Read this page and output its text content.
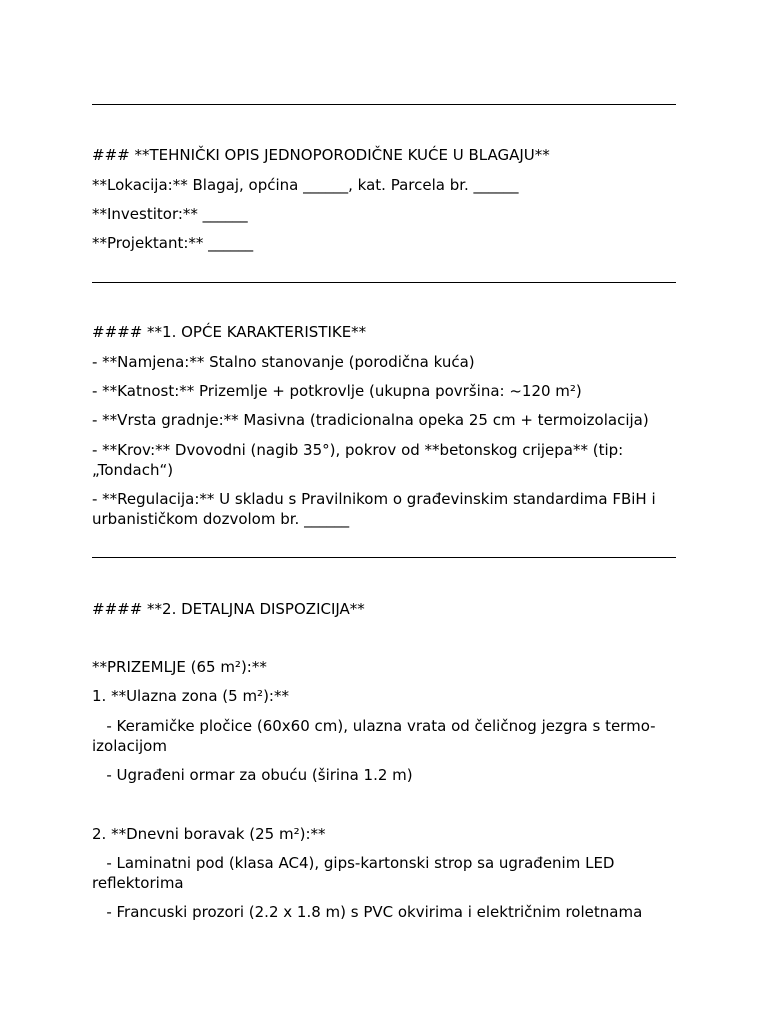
### **TEHNIČKI OPIS JEDNOPORODIČNE KUĆE U BLAGAJU**
**Lokacija:** Blagaj, općina ______, kat. Parcela br. ______
**Investitor:** ______
**Projektant:** ______
#### **1. OPĆE KARAKTERISTIKE**
- **Namjena:** Stalno stanovanje (porodična kuća)
- **Katnost:** Prizemlje + potkrovlje (ukupna površina: ~120 m²)
- **Vrsta gradnje:** Masivna (tradicionalna opeka 25 cm + termoizolacija)
- **Krov:** Dvovodni (nagib 35°), pokrov od **betonskog crijepa** (tip: „Tondach“)
- **Regulacija:** U skladu s Pravilnikom o građevinskim standardima FBiH i urbanističkom dozvolom br. ______
#### **2. DETALJNA DISPOZICIJA**
**PRIZEMLJE (65 m²):**
1. **Ulazna zona (5 m²):**
- Keramičke pločice (60x60 cm), ulazna vrata od čeličnog jezgra s termo-izolacijom
- Ugrađeni ormar za obuću (širina 1.2 m)
2. **Dnevni boravak (25 m²):**
- Laminatni pod (klasa AC4), gips-kartonski strop sa ugrađenim LED reflektorima
- Francuski prozori (2.2 x 1.8 m) s PVC okvirima i električnim roletnama
